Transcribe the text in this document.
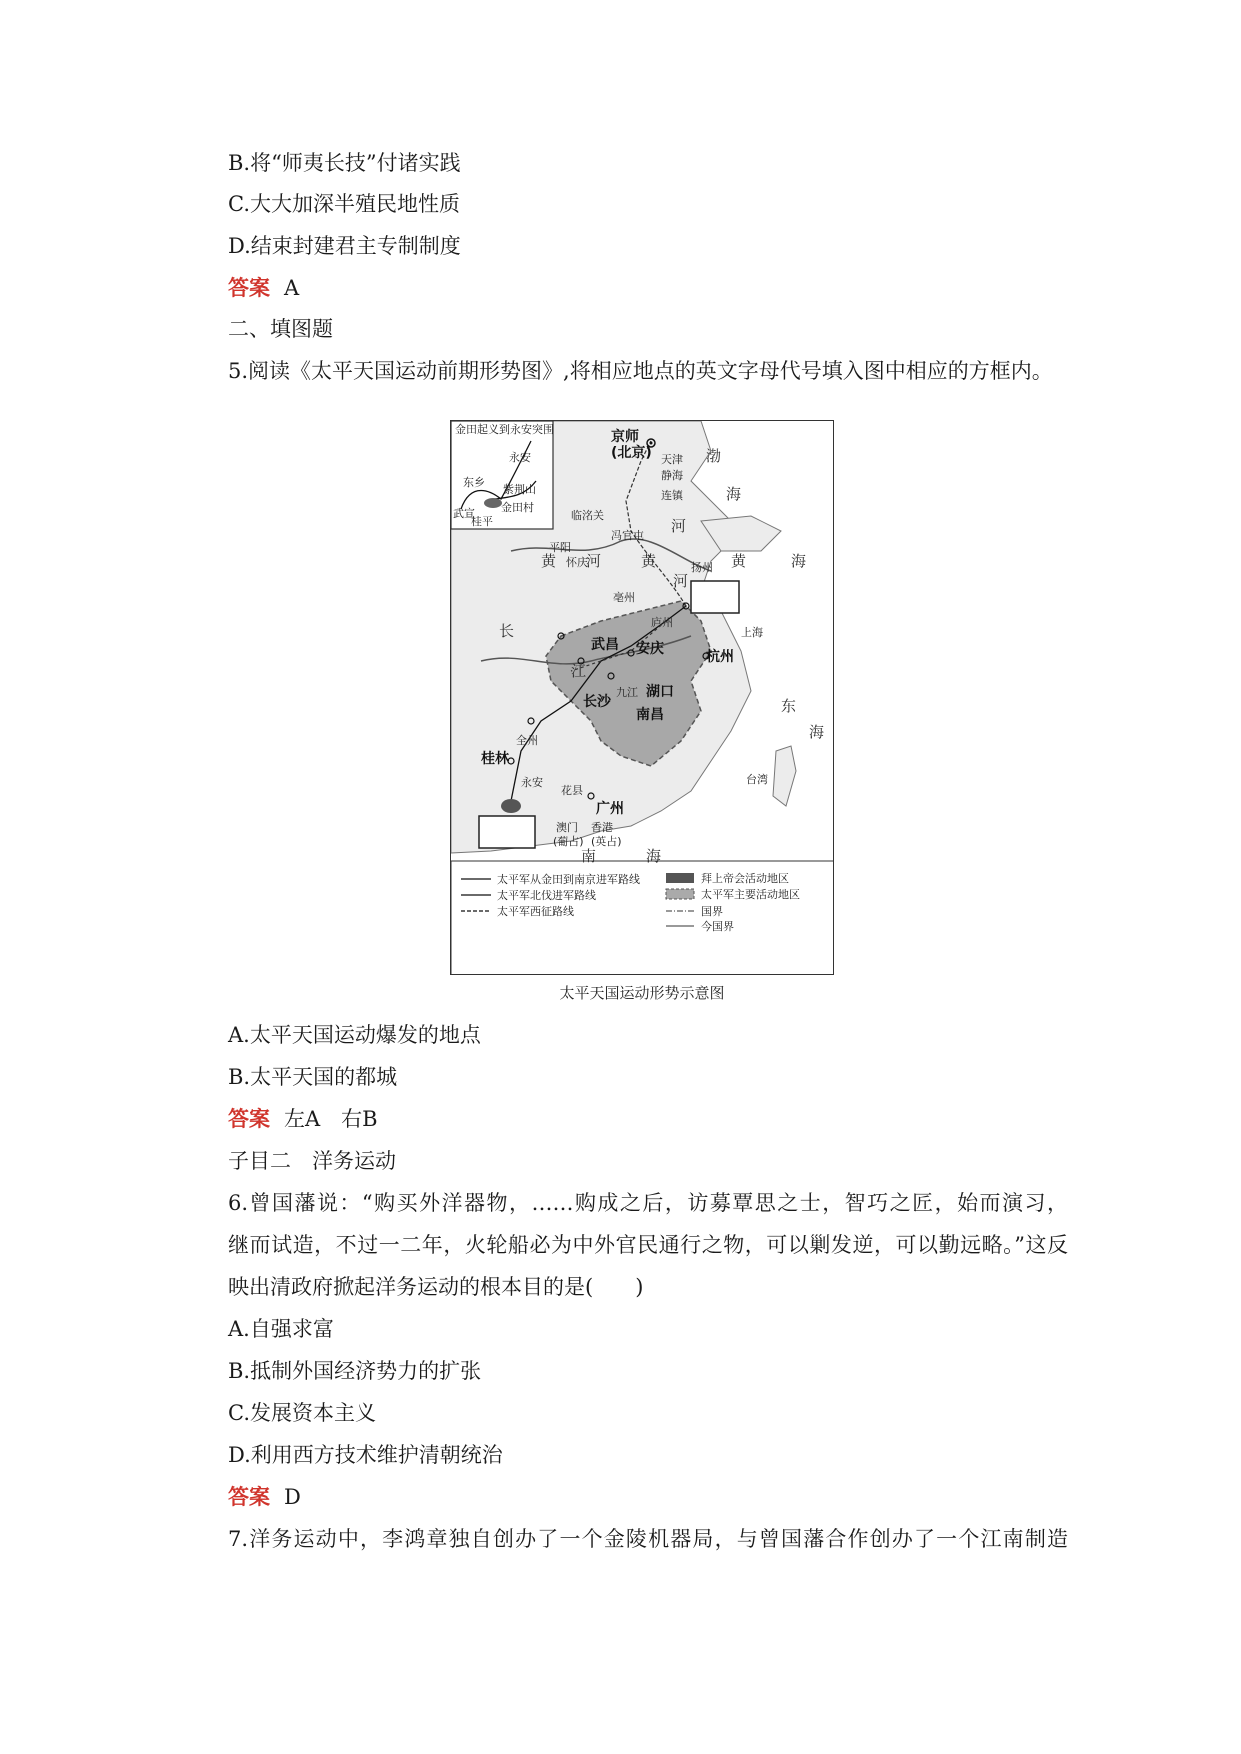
B.将“师夷长技”付诸实践
C.大大加深半殖民地性质
D.结束封建君主专制制度
答案 A
二、填图题
5.阅读《太平天国运动前期形势图》,将相应地点的英文字母代号填入图中相应的方框内。
金田起义到永安突围
永安
东乡
紫荆山
金田村
武宣
桂平
京师
(北京) 天津
静海
连镇
临洺关
冯官屯
怀庆
平阳
亳州
扬州
上海
庐州
武昌 安庆	杭州
九江 湖口
长沙
南昌
全州
桂林
永安
花县
广州
澳门
(葡占)
香港
(英占)
台湾
渤
海
黄	海
东
海
南	海
黄 河	黄
河
河
长
江
太平军从金田到南京进军路线
太平军北伐进军路线
太平军西征路线
拜上帝会活动地区
太平军主要活动地区
国界
今国界
太平天国运动形势示意图
A.太平天国运动爆发的地点
B.太平天国的都城
答案 左A　右B
子目二　洋务运动
6.曾国藩说：“购买外洋器物，……购成之后，访募覃思之士，智巧之匠，始而演习，
继而试造，不过一二年，火轮船必为中外官民通行之物，可以剿发逆，可以勤远略。”这反
映出清政府掀起洋务运动的根本目的是(　　)
A.自强求富
B.抵制外国经济势力的扩张
C.发展资本主义
D.利用西方技术维护清朝统治
答案 D
7.洋务运动中，李鸿章独自创办了一个金陵机器局，与曾国藩合作创办了一个江南制造
